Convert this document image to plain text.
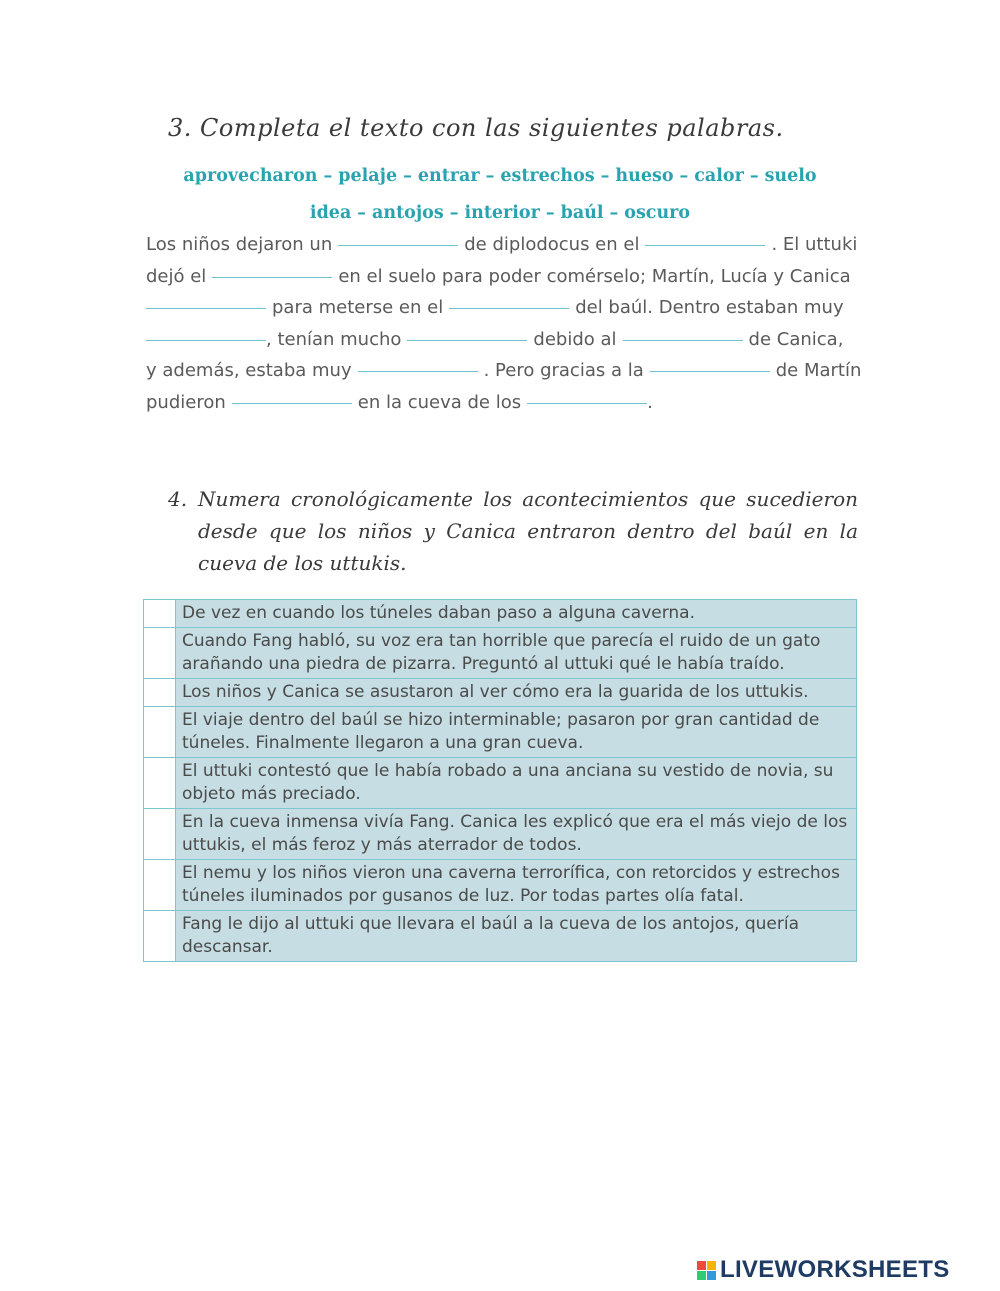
3. Completa el texto con las siguientes palabras.
aprovecharon – pelaje – entrar – estrechos – hueso – calor – suelo
idea – antojos – interior – baúl – oscuro
Los niños dejaron un	de diplodocus en el	. El uttuki
dejó el	en el suelo para poder comérselo; Martín, Lucía y Canica
para meterse en el	del baúl. Dentro estaban muy
, tenían mucho	debido al	de Canica,
y además, estaba muy	. Pero gracias a la	de Martín
pudieron	en la cueva de los	.
4. Numera cronológicamente los acontecimientos que sucedieron desde que los niños y Canica entraron dentro del baúl en la cueva de los uttukis.
	De vez en cuando los túneles daban paso a alguna caverna.
	Cuando Fang habló, su voz era tan horrible que parecía el ruido de un gato arañando una piedra de pizarra. Preguntó al uttuki qué le había traído.
	Los niños y Canica se asustaron al ver cómo era la guarida de los uttukis.
	El viaje dentro del baúl se hizo interminable; pasaron por gran cantidad de túneles. Finalmente llegaron a una gran cueva.
	El uttuki contestó que le había robado a una anciana su vestido de novia, su objeto más preciado.
	En la cueva inmensa vivía Fang. Canica les explicó que era el más viejo de los uttukis, el más feroz y más aterrador de todos.
	El nemu y los niños vieron una caverna terrorífica, con retorcidos y estrechos túneles iluminados por gusanos de luz. Por todas partes olía fatal.
	Fang le dijo al uttuki que llevara el baúl a la cueva de los antojos, quería descansar.
LIVEWORKSHEETS
